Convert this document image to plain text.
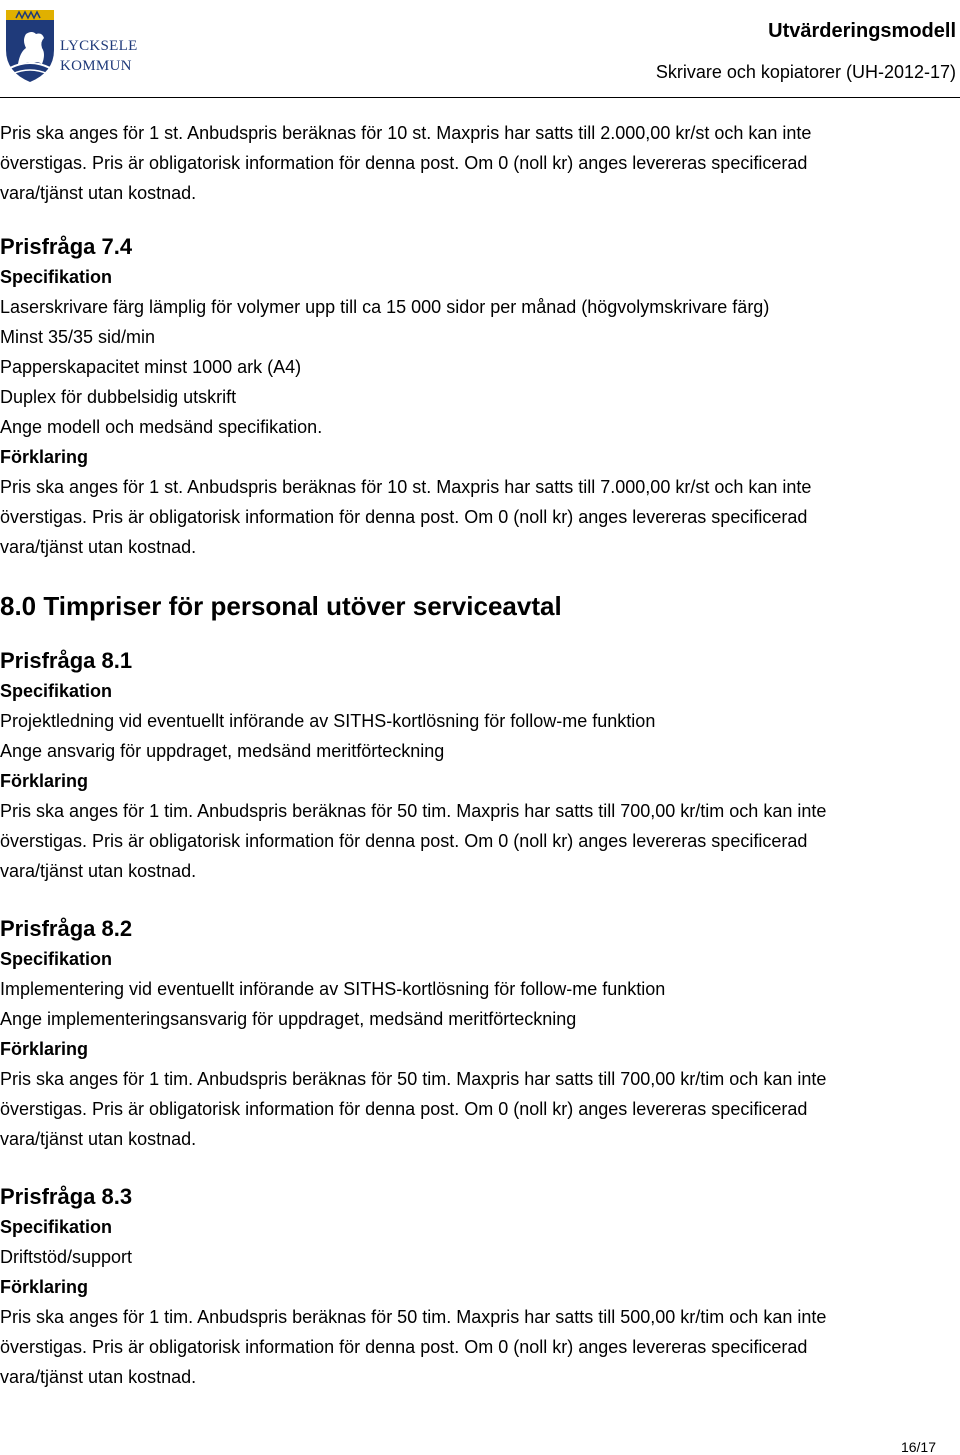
LYCKSELE
KOMMUN
Utvärderingsmodell
Skrivare och kopiatorer (UH-2012-17)

Pris ska anges för 1 st. Anbudspris beräknas för 10 st. Maxpris har satts till 2.000,00 kr/st och kan inte

överstigas. Pris är obligatorisk information för denna post. Om 0 (noll kr) anges levereras specificerad

vara/tjänst utan kostnad.

Prisfråga 7.4

Specifikation

Laserskrivare färg lämplig för volymer upp till ca 15 000 sidor per månad (högvolymskrivare färg)

Minst 35/35 sid/min

Papperskapacitet minst 1000 ark (A4)

Duplex för dubbelsidig utskrift

Ange modell och medsänd specifikation.

Förklaring

Pris ska anges för 1 st. Anbudspris beräknas för 10 st. Maxpris har satts till 7.000,00 kr/st och kan inte

överstigas. Pris är obligatorisk information för denna post. Om 0 (noll kr) anges levereras specificerad

vara/tjänst utan kostnad.

8.0 Timpriser för personal utöver serviceavtal

Prisfråga 8.1

Specifikation

Projektledning vid eventuellt införande av SITHS-kortlösning för follow-me funktion

Ange ansvarig för uppdraget, medsänd meritförteckning

Förklaring

Pris ska anges för 1 tim. Anbudspris beräknas för 50 tim. Maxpris har satts till 700,00 kr/tim och kan inte

överstigas. Pris är obligatorisk information för denna post. Om 0 (noll kr) anges levereras specificerad

vara/tjänst utan kostnad.

Prisfråga 8.2

Specifikation

Implementering vid eventuellt införande av SITHS-kortlösning för follow-me funktion

Ange implementeringsansvarig för uppdraget, medsänd meritförteckning

Förklaring

Pris ska anges för 1 tim. Anbudspris beräknas för 50 tim. Maxpris har satts till 700,00 kr/tim och kan inte

överstigas. Pris är obligatorisk information för denna post. Om 0 (noll kr) anges levereras specificerad

vara/tjänst utan kostnad.

Prisfråga 8.3

Specifikation

Driftstöd/support

Förklaring

Pris ska anges för 1 tim. Anbudspris beräknas för 50 tim. Maxpris har satts till 500,00 kr/tim och kan inte

överstigas. Pris är obligatorisk information för denna post. Om 0 (noll kr) anges levereras specificerad

vara/tjänst utan kostnad.

16/17
